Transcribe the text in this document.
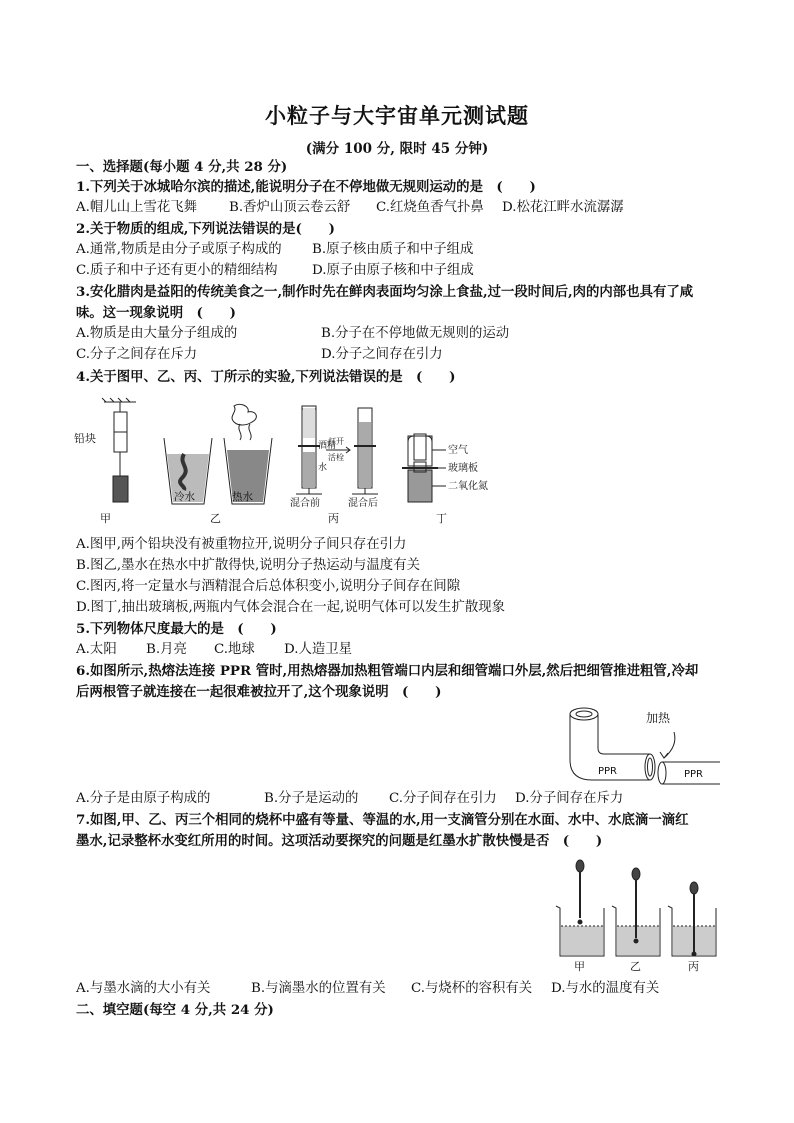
小粒子与大宇宙单元测试题
(满分 100 分, 限时 45 分钟)
一、选择题(每小题 4 分,共 28 分)
1.下列关于冰城哈尔滨的描述,能说明分子在不停地做无规则运动的是　(　　)
A.帽儿山上雪花飞舞 B.香炉山顶云卷云舒 C.红烧鱼香气扑鼻 D.松花江畔水流潺潺
2.关于物质的组成,下列说法错误的是(　　)
A.通常,物质是由分子或原子构成的 B.原子核由质子和中子组成
C.质子和中子还有更小的精细结构	D.原子由原子核和中子组成
3.安化腊肉是益阳的传统美食之一,制作时先在鲜肉表面均匀涂上食盐,过一段时间后,肉的内部也具有了咸
味。这一现象说明　(　　)
A.物质是由大量分子组成的	B.分子在不停地做无规则的运动
C.分子之间存在斥力	D.分子之间存在引力
4.关于图甲、乙、丙、丁所示的实验,下列说法错误的是　(　　)
铅块
冷水	热水
酒精
水
打开
活栓
混合前	混合后
空气
玻璃板
二氧化氮
甲	乙	丙	丁
A.图甲,两个铅块没有被重物拉开,说明分子间只存在引力
B.图乙,墨水在热水中扩散得快,说明分子热运动与温度有关
C.图丙,将一定量水与酒精混合后总体积变小,说明分子间存在间隙
D.图丁,抽出玻璃板,两瓶内气体会混合在一起,说明气体可以发生扩散现象
5.下列物体尺度最大的是　(　　)
A.太阳 B.月亮 C.地球 D.人造卫星
6.如图所示,热熔法连接 PPR 管时,用热熔器加热粗管端口内层和细管端口外层,然后把细管推进粗管,冷却
后两根管子就连接在一起很难被拉开了,这个现象说明　(　　)
加热
PPR	PPR
A.分子是由原子构成的	B.分子是运动的 C.分子间存在引力 D.分子间存在斥力
7.如图,甲、乙、丙三个相同的烧杯中盛有等量、等温的水,用一支滴管分别在水面、水中、水底滴一滴红
墨水,记录整杯水变红所用的时间。这项活动要探究的问题是红墨水扩散快慢是否　(　　)
甲	乙	丙
A.与墨水滴的大小有关	B.与滴墨水的位置有关 C.与烧杯的容积有关 D.与水的温度有关
二、填空题(每空 4 分,共 24 分)
